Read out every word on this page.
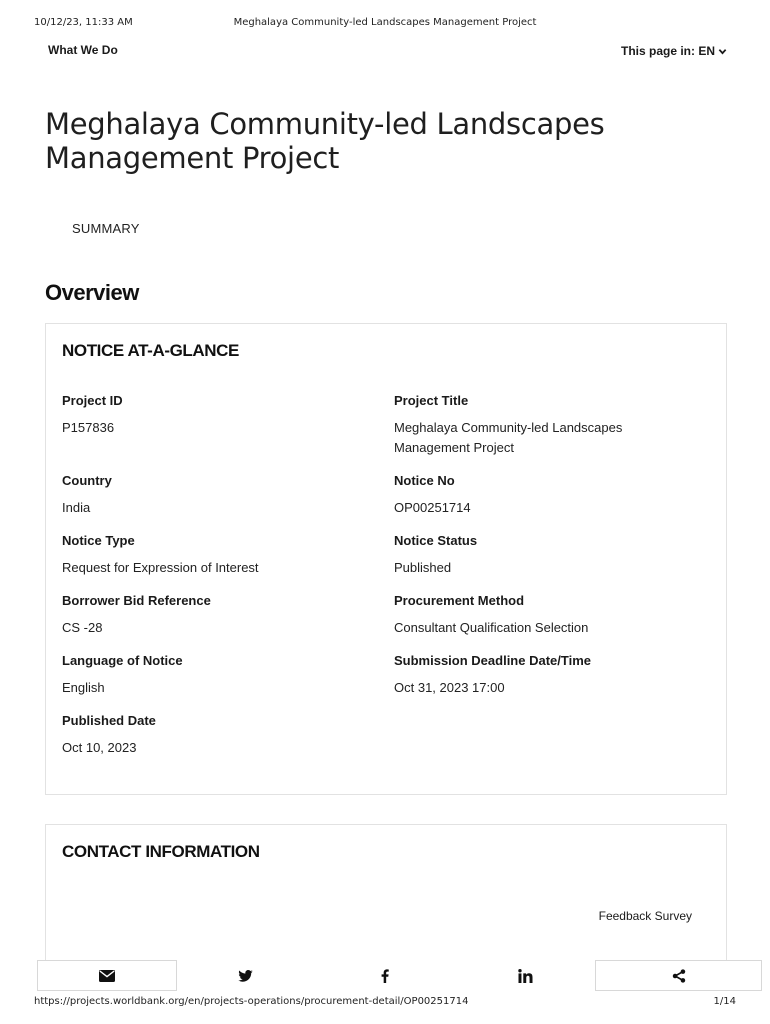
10/12/23, 11:33 AM	Meghalaya Community-led Landscapes Management Project
What We Do	This page in: EN
Meghalaya Community-led Landscapes Management Project
SUMMARY
Overview
NOTICE AT-A-GLANCE
Project ID
P157836
Project Title
Meghalaya Community-led Landscapes Management Project
Country
India
Notice No
OP00251714
Notice Type
Request for Expression of Interest
Notice Status
Published
Borrower Bid Reference
CS -28
Procurement Method
Consultant Qualification Selection
Language of Notice
English
Submission Deadline Date/Time
Oct 31, 2023 17:00
Published Date
Oct 10, 2023
CONTACT INFORMATION
Feedback Survey
https://projects.worldbank.org/en/projects-operations/procurement-detail/OP00251714	1/14
